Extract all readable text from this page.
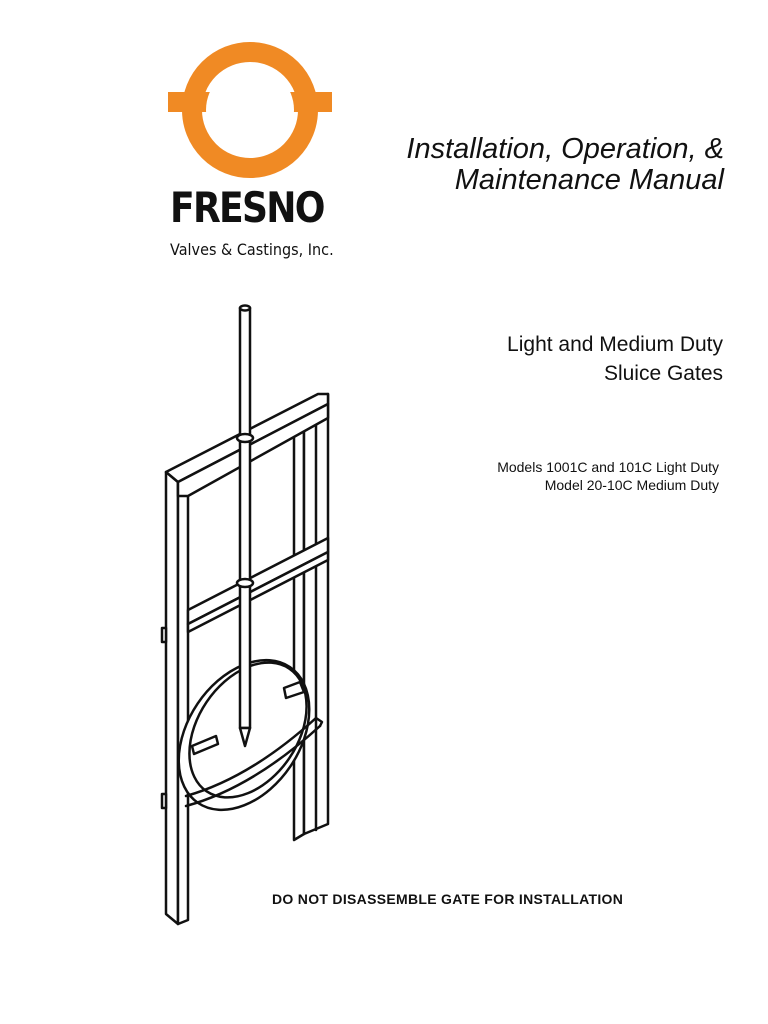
FRESNO
Valves & Castings, Inc.
Installation, Operation, &
Maintenance Manual
Light and Medium Duty
Sluice Gates
Models 1001C and 101C Light Duty
Model 20-10C Medium Duty
DO NOT DISASSEMBLE GATE FOR INSTALLATION
